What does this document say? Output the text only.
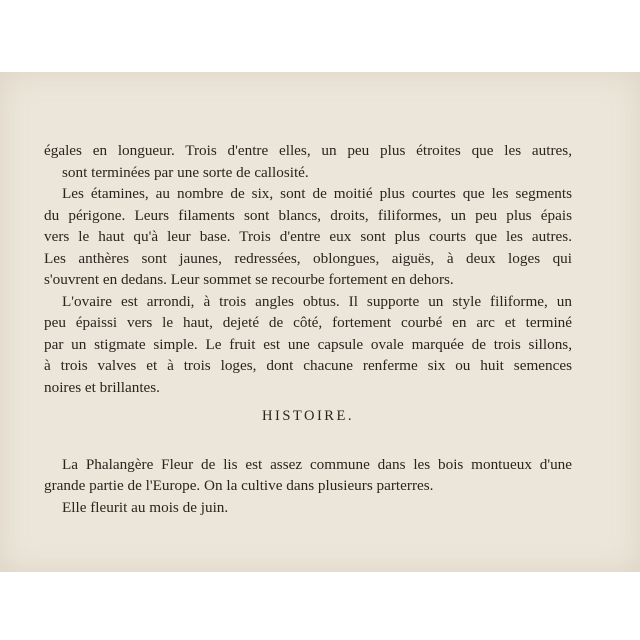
égales en longueur. Trois d'entre elles, un peu plus étroites que les autres,
sont terminées par une sorte de callosité.

Les étamines, au nombre de six, sont de moitié plus courtes que les segments
du périgone. Leurs filaments sont blancs, droits, filiformes, un peu plus épais
vers le haut qu'à leur base. Trois d'entre eux sont plus courts que les autres.
Les anthères sont jaunes, redressées, oblongues, aiguës, à deux loges qui
s'ouvrent en dedans. Leur sommet se recourbe fortement en dehors.

L'ovaire est arrondi, à trois angles obtus. Il supporte un style filiforme, un
peu épaissi vers le haut, dejeté de côté, fortement courbé en arc et terminé
par un stigmate simple. Le fruit est une capsule ovale marquée de trois sillons,
à trois valves et à trois loges, dont chacune renferme six ou huit semences
noires et brillantes.

HISTOIRE.

La Phalangère Fleur de lis est assez commune dans les bois montueux d'une
grande partie de l'Europe. On la cultive dans plusieurs parterres.

Elle fleurit au mois de juin.
